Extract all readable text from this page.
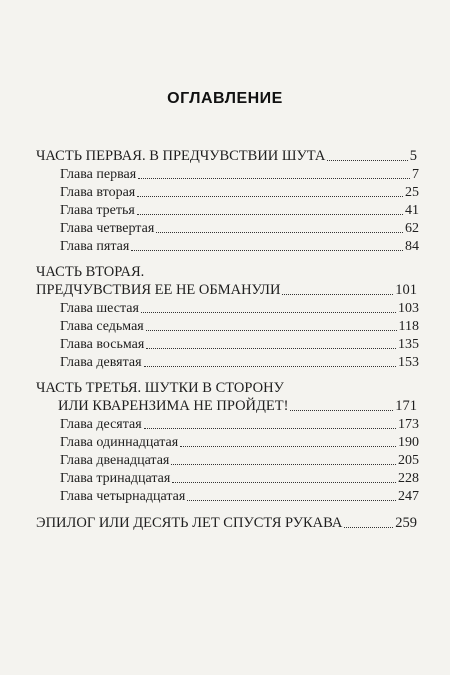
ОГЛАВЛЕНИЕ
ЧАСТЬ ПЕРВАЯ. В ПРЕДЧУВСТВИИ ШУТА	5
Глава первая	7
Глава вторая	25
Глава третья	41
Глава четвертая	62
Глава пятая	84
ЧАСТЬ ВТОРАЯ.
ПРЕДЧУВСТВИЯ ЕЕ НЕ ОБМАНУЛИ	101
Глава шестая	103
Глава седьмая	118
Глава восьмая	135
Глава девятая	153
ЧАСТЬ ТРЕТЬЯ. ШУТКИ В СТОРОНУ
ИЛИ КВАРЕНЗИМА НЕ ПРОЙДЕТ!	171
Глава десятая	173
Глава одиннадцатая	190
Глава двенадцатая	205
Глава тринадцатая	228
Глава четырнадцатая	247
ЭПИЛОГ ИЛИ ДЕСЯТЬ ЛЕТ СПУСТЯ РУКАВА	259
